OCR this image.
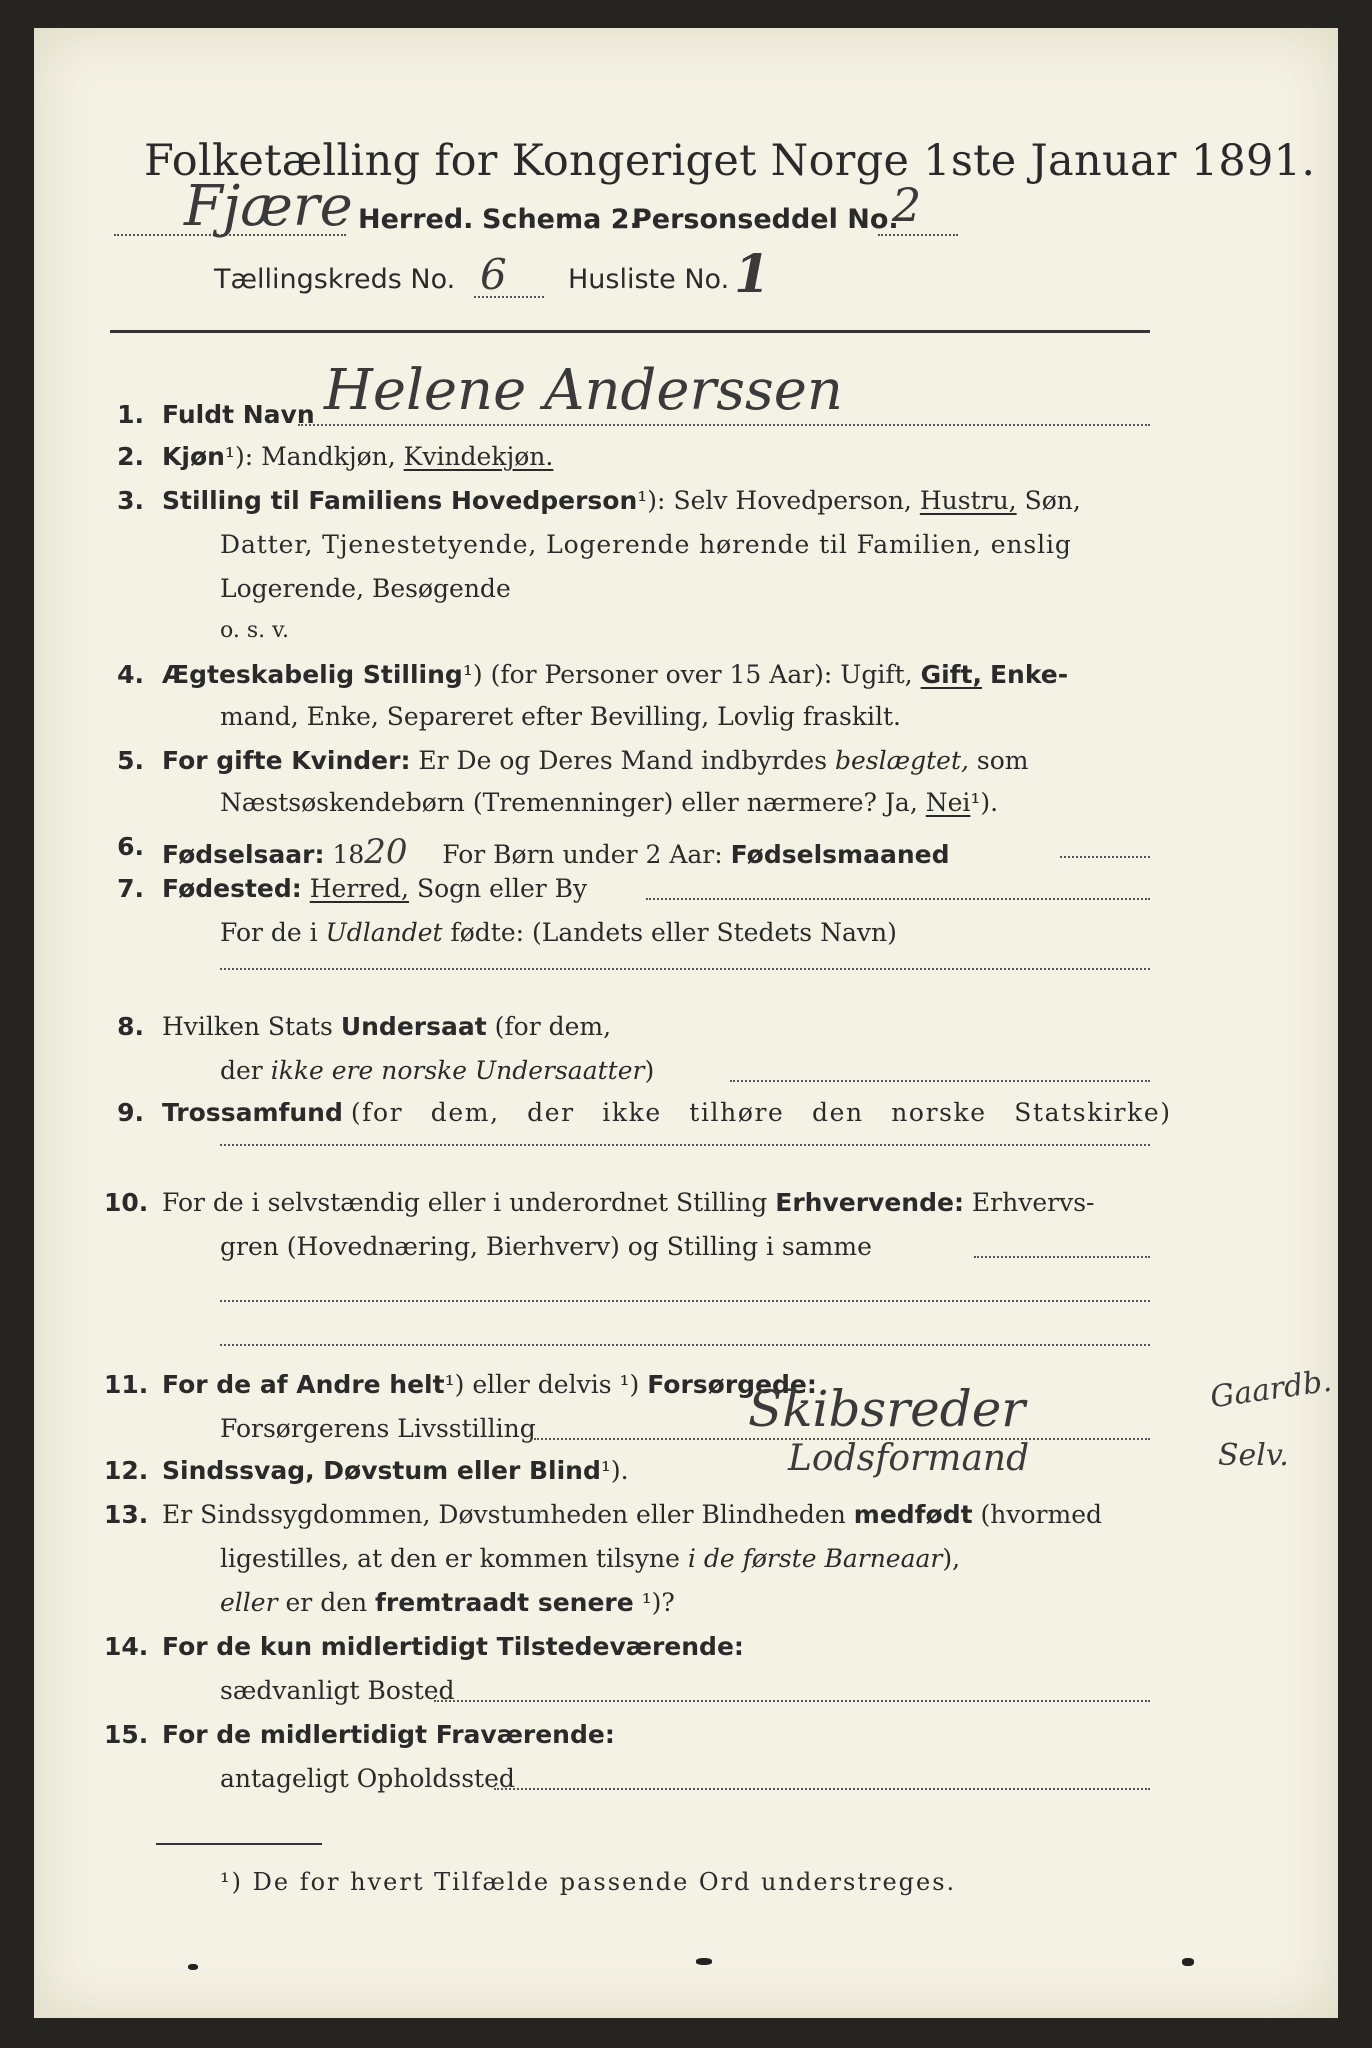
Folketælling for Kongeriget Norge 1ste Januar 1891.
Fjære Herred. Schema 2.
Personseddel No.
2
Tællingskreds No. 6 Husliste No. 1
1. Fuldt Navn Helene Anderssen
2. Kjøn¹): Mandkjøn, Kvindekjøn.
3. Stilling til Familiens Hovedperson¹): Selv Hovedperson, Hustru, Søn,
Datter, Tjenestetyende, Logerende hørende til Familien, enslig
Logerende, Besøgende
o. s. v.
4. Ægteskabelig Stilling¹) (for Personer over 15 Aar): Ugift, Gift, Enke-
mand, Enke, Separeret efter Bevilling, Lovlig fraskilt.
5. For gifte Kvinder: Er De og Deres Mand indbyrdes beslægtet, som
Næstsøskendebørn (Tremenninger) eller nærmere? Ja, Nei¹).
6. Fødselsaar: 1820 For Børn under 2 Aar: Fødselsmaaned
7. Fødested: Herred, Sogn eller By
For de i Udlandet fødte: (Landets eller Stedets Navn)
8. Hvilken Stats Undersaat (for dem,
der ikke ere norske Undersaatter)
9. Trossamfund (for dem, der ikke tilhøre den norske Statskirke)
10. For de i selvstændig eller i underordnet Stilling Erhvervende: Erhvervs-
gren (Hovednæring, Bierhverv) og Stilling i samme
11. For de af Andre helt¹) eller delvis ¹) Forsørgede:
Forsørgerens Livsstilling	Skibsreder	Gaardb.
12. Sindssvag, Døvstum eller Blind¹).	Lodsformand	Selv.
13. Er Sindssygdommen, Døvstumheden eller Blindheden medfødt (hvormed
ligestilles, at den er kommen tilsyne i de første Barneaar),
eller er den fremtraadt senere ¹)?
14. For de kun midlertidigt Tilstedeværende:
sædvanligt Bosted
15. For de midlertidigt Fraværende:
antageligt Opholdssted
¹) De for hvert Tilfælde passende Ord understreges.
